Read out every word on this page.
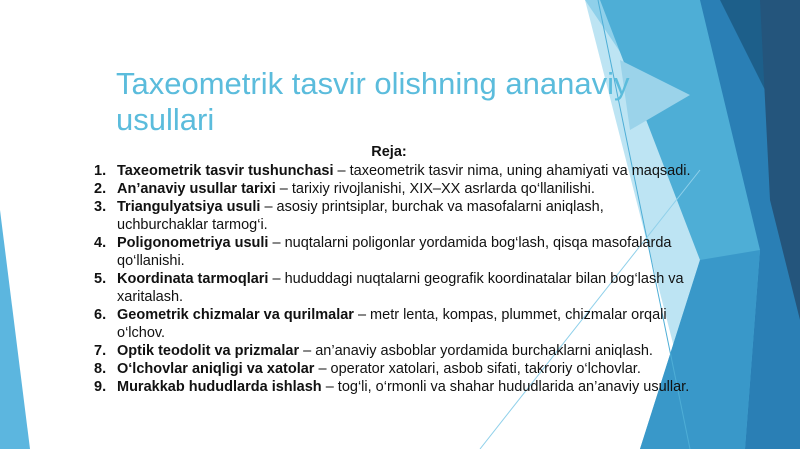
Taxeometrik tasvir olishning ananaviy usullari
Reja:
1. Taxeometrik tasvir tushunchasi – taxeometrik tasvir nima, uning ahamiyati va maqsadi.
2. An’anaviy usullar tarixi – tarixiy rivojlanishi, XIX–XX asrlarda qo‘llanilishi.
3. Triangulyatsiya usuli – asosiy printsiplar, burchak va masofalarni aniqlash, uchburchaklar tarmog‘i.
4. Poligonometriya usuli – nuqtalarni poligonlar yordamida bog‘lash, qisqa masofalarda qo‘llanishi.
5. Koordinata tarmoqlari – hududdagi nuqtalarni geografik koordinatalar bilan bog‘lash va xaritalash.
6. Geometrik chizmalar va qurilmalar – metr lenta, kompas, plummet, chizmalar orqali o‘lchov.
7. Optik teodolit va prizmalar – an’anaviy asboblar yordamida burchaklarni aniqlash.
8. O‘lchovlar aniqligi va xatolar – operator xatolari, asbob sifati, takroriy o‘lchovlar.
9. Murakkab hududlarda ishlash – tog‘li, o‘rmonli va shahar hududlarida an’anaviy usullar.
